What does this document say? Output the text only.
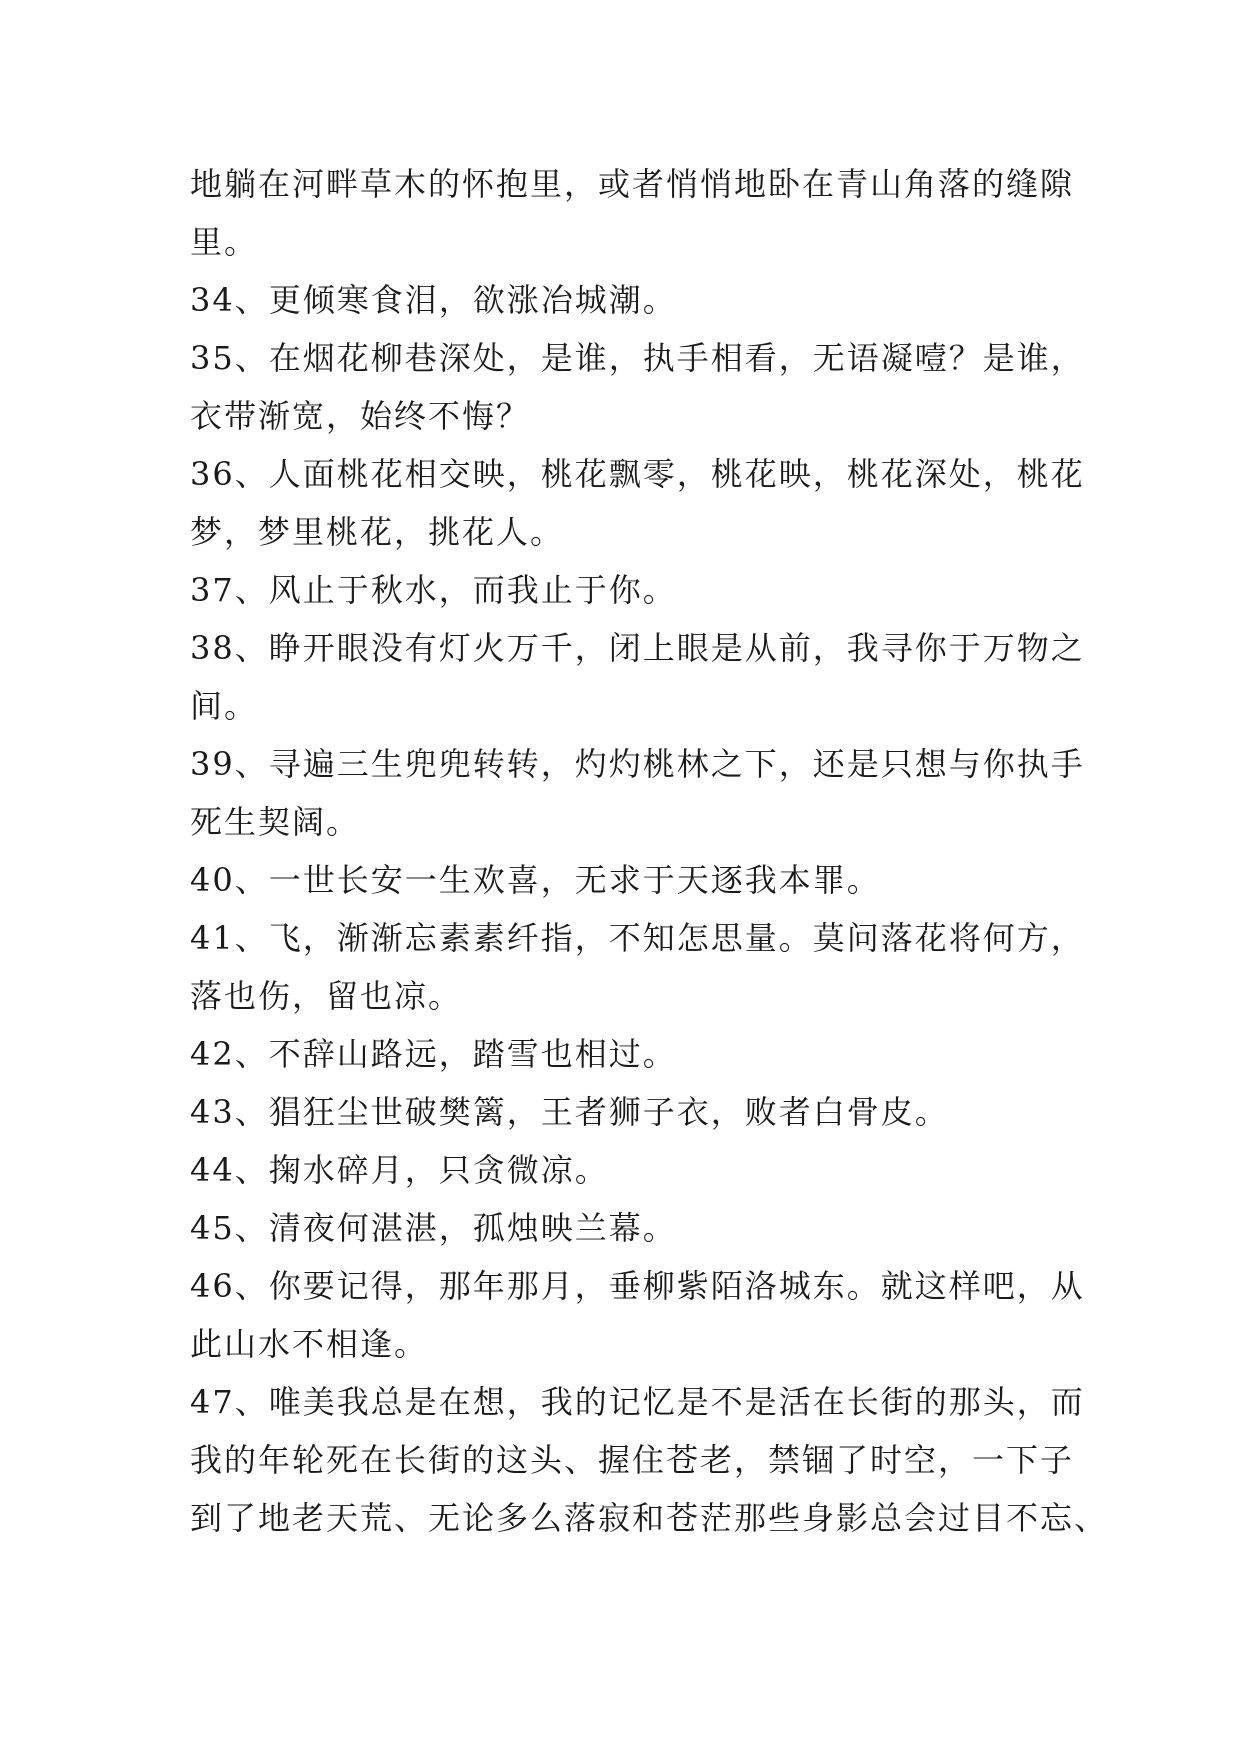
地躺在河畔草木的怀抱里，或者悄悄地卧在青山角落的缝隙
里。
34、更倾寒食泪，欲涨冶城潮。
35、在烟花柳巷深处，是谁，执手相看，无语凝噎？是谁，
衣带渐宽，始终不悔？
36、人面桃花相交映，桃花飘零，桃花映，桃花深处，桃花
梦，梦里桃花，挑花人。
37、风止于秋水，而我止于你。
38、睁开眼没有灯火万千，闭上眼是从前，我寻你于万物之
间。
39、寻遍三生兜兜转转，灼灼桃林之下，还是只想与你执手
死生契阔。
40、一世长安一生欢喜，无求于天逐我本罪。
41、飞，渐渐忘素素纤指，不知怎思量。莫问落花将何方，
落也伤，留也凉。
42、不辞山路远，踏雪也相过。
43、猖狂尘世破樊篱，王者狮子衣，败者白骨皮。
44、掬水碎月，只贪微凉。
45、清夜何湛湛，孤烛映兰幕。
46、你要记得，那年那月，垂柳紫陌洛城东。就这样吧，从
此山水不相逢。
47、唯美我总是在想，我的记忆是不是活在长街的那头，而
我的年轮死在长街的这头、握住苍老，禁锢了时空，一下子
到了地老天荒、无论多么落寂和苍茫那些身影总会过目不忘、
